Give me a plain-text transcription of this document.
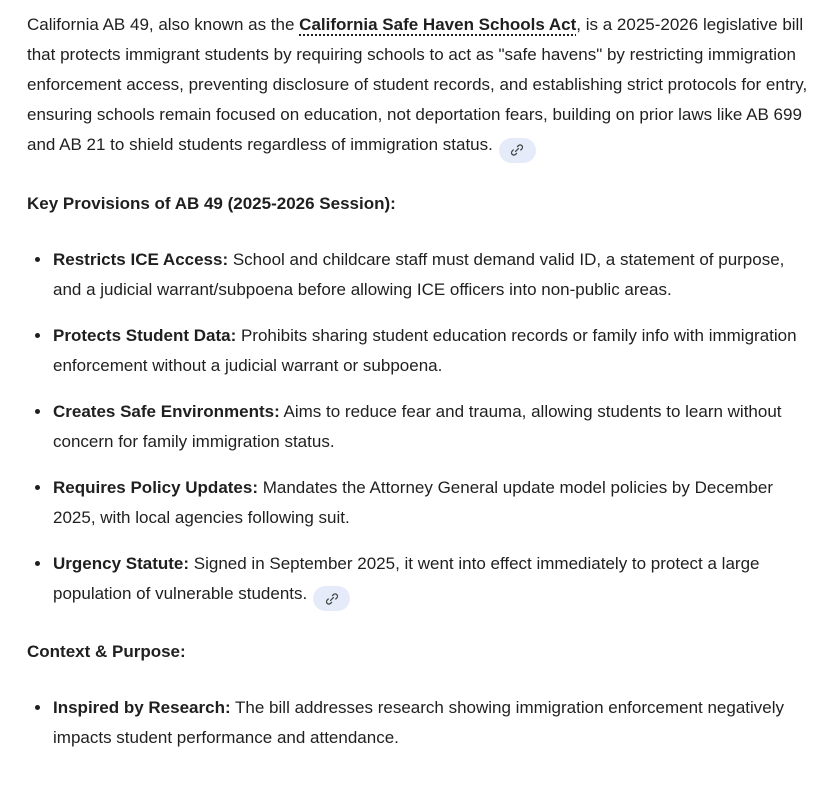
California AB 49, also known as the California Safe Haven Schools Act, is a 2025-2026 legislative bill that protects immigrant students by requiring schools to act as "safe havens" by restricting immigration enforcement access, preventing disclosure of student records, and establishing strict protocols for entry, ensuring schools remain focused on education, not deportation fears, building on prior laws like AB 699 and AB 21 to shield students regardless of immigration status.

Key Provisions of AB 49 (2025-2026 Session):
Restricts ICE Access: School and childcare staff must demand valid ID, a statement of purpose, and a judicial warrant/subpoena before allowing ICE officers into non-public areas.
Protects Student Data: Prohibits sharing student education records or family info with immigration enforcement without a judicial warrant or subpoena.
Creates Safe Environments: Aims to reduce fear and trauma, allowing students to learn without concern for family immigration status.
Requires Policy Updates: Mandates the Attorney General update model policies by December 2025, with local agencies following suit.
Urgency Statute: Signed in September 2025, it went into effect immediately to protect a large population of vulnerable students.
Context & Purpose:
Inspired by Research: The bill addresses research showing immigration enforcement negatively impacts student performance and attendance.
